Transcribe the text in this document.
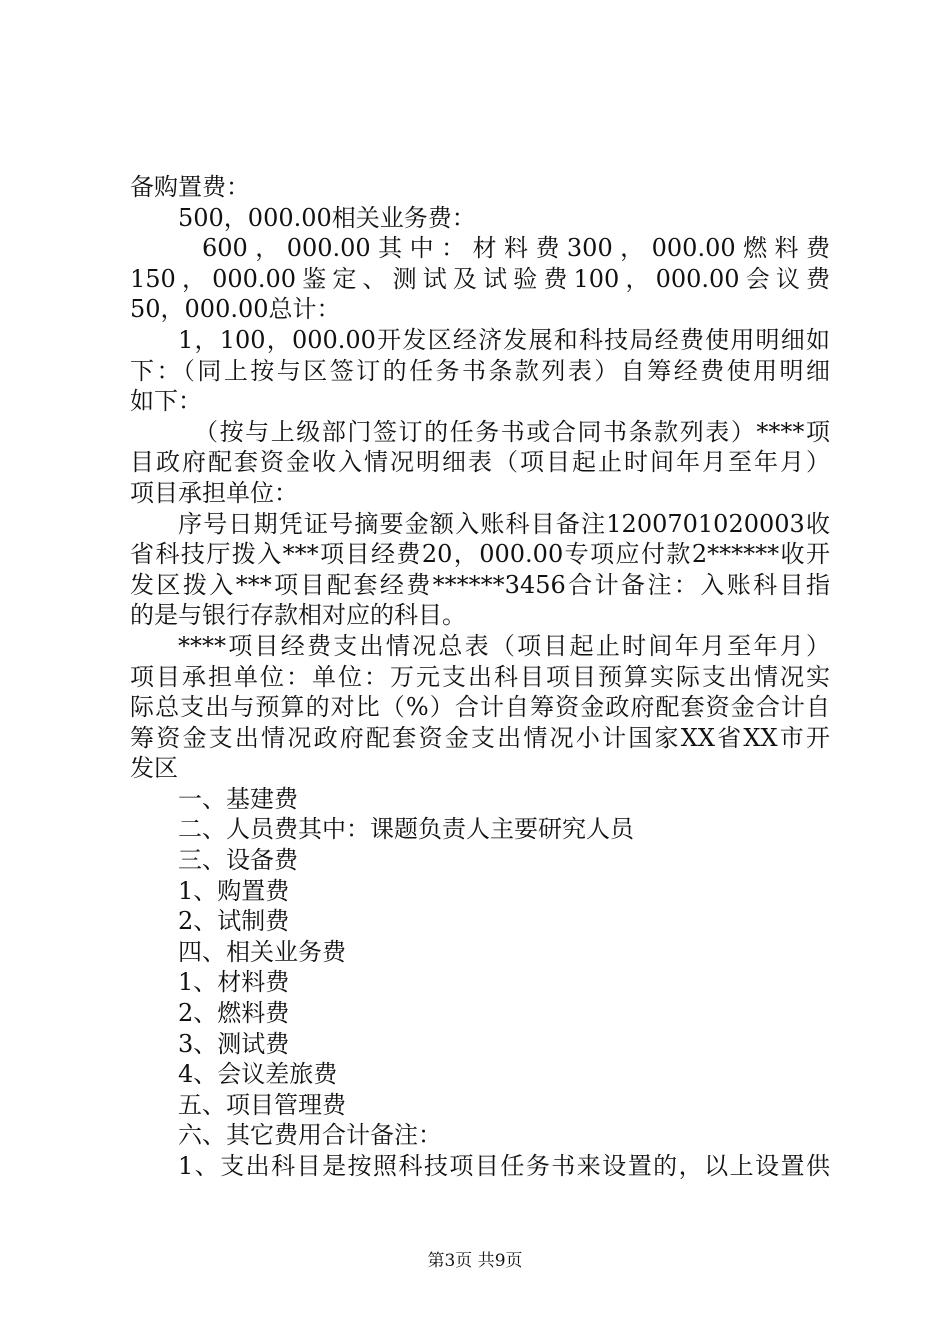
备购置费：
500，000.00相关业务费：
600，000.00其中：材料费300，000.00燃料费
150，000.00鉴定、测试及试验费100，000.00会议费
50，000.00总计：
1，100，000.00开发区经济发展和科技局经费使用明细如
下：（同上按与区签订的任务书条款列表）自筹经费使用明细
如下：
（按与上级部门签订的任务书或合同书条款列表）****项
目政府配套资金收入情况明细表（项目起止时间年月至年月）
项目承担单位：
序号日期凭证号摘要金额入账科目备注1200701020003收
省科技厅拨入***项目经费20，000.00专项应付款2******收开
发区拨入***项目配套经费******3456合计备注：入账科目指
的是与银行存款相对应的科目。
****项目经费支出情况总表（项目起止时间年月至年月）
项目承担单位：单位：万元支出科目项目预算实际支出情况实
际总支出与预算的对比（%）合计自筹资金政府配套资金合计自
筹资金支出情况政府配套资金支出情况小计国家XX省XX市开
发区
一、基建费
二、人员费其中：课题负责人主要研究人员
三、设备费
1、购置费
2、试制费
四、相关业务费
1、材料费
2、燃料费
3、测试费
4、会议差旅费
五、项目管理费
六、其它费用合计备注：
1、支出科目是按照科技项目任务书来设置的，以上设置供
第3页 共9页
